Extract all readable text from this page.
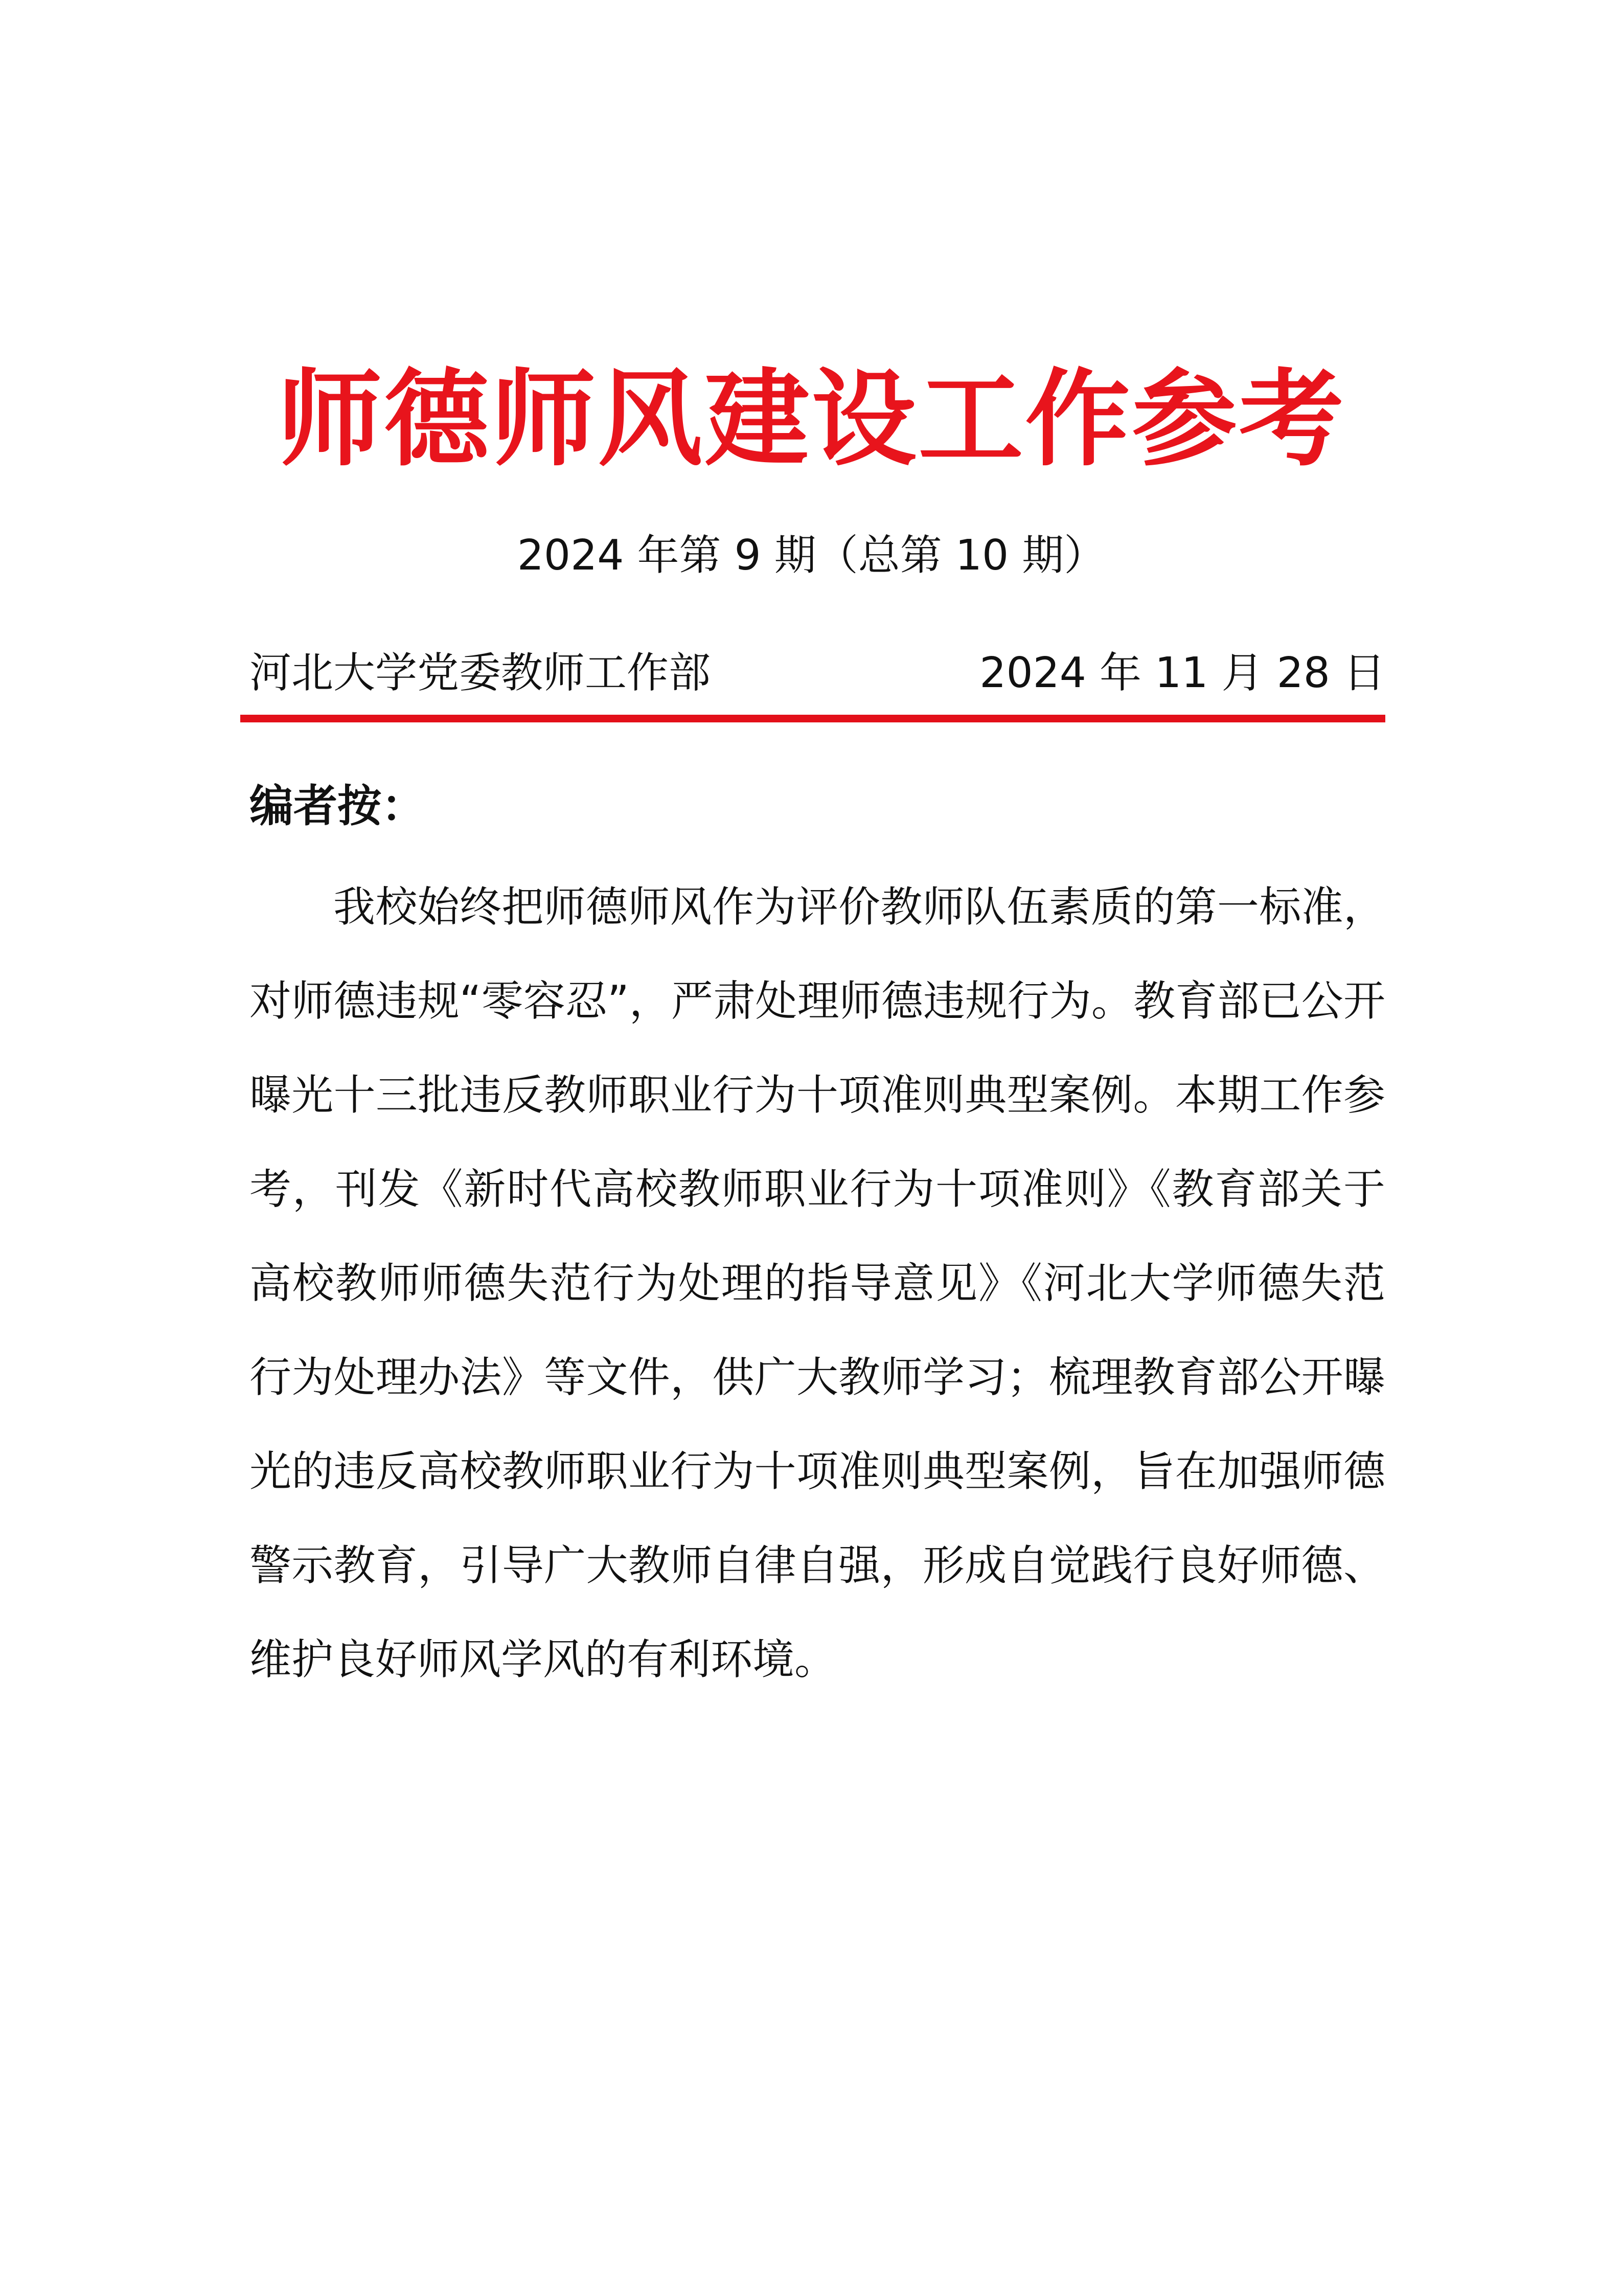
师德师风建设工作参考
2024 年第 9 期（总第 10 期）
河北大学党委教师工作部	2024 年 11 月 28 日
编者按：

我校始终把师德师风作为评价教师队伍素质的第一标准，对师德违规“零容忍”，严肃处理师德违规行为。教育部已公开曝光十三批违反教师职业行为十项准则典型案例。本期工作参考，刊发《新时代高校教师职业行为十项准则》《教育部关于高校教师师德失范行为处理的指导意见》《河北大学师德失范行为处理办法》等文件，供广大教师学习；梳理教育部公开曝光的违反高校教师职业行为十项准则典型案例，旨在加强师德警示教育，引导广大教师自律自强，形成自觉践行良好师德、维护良好师风学风的有利环境。
